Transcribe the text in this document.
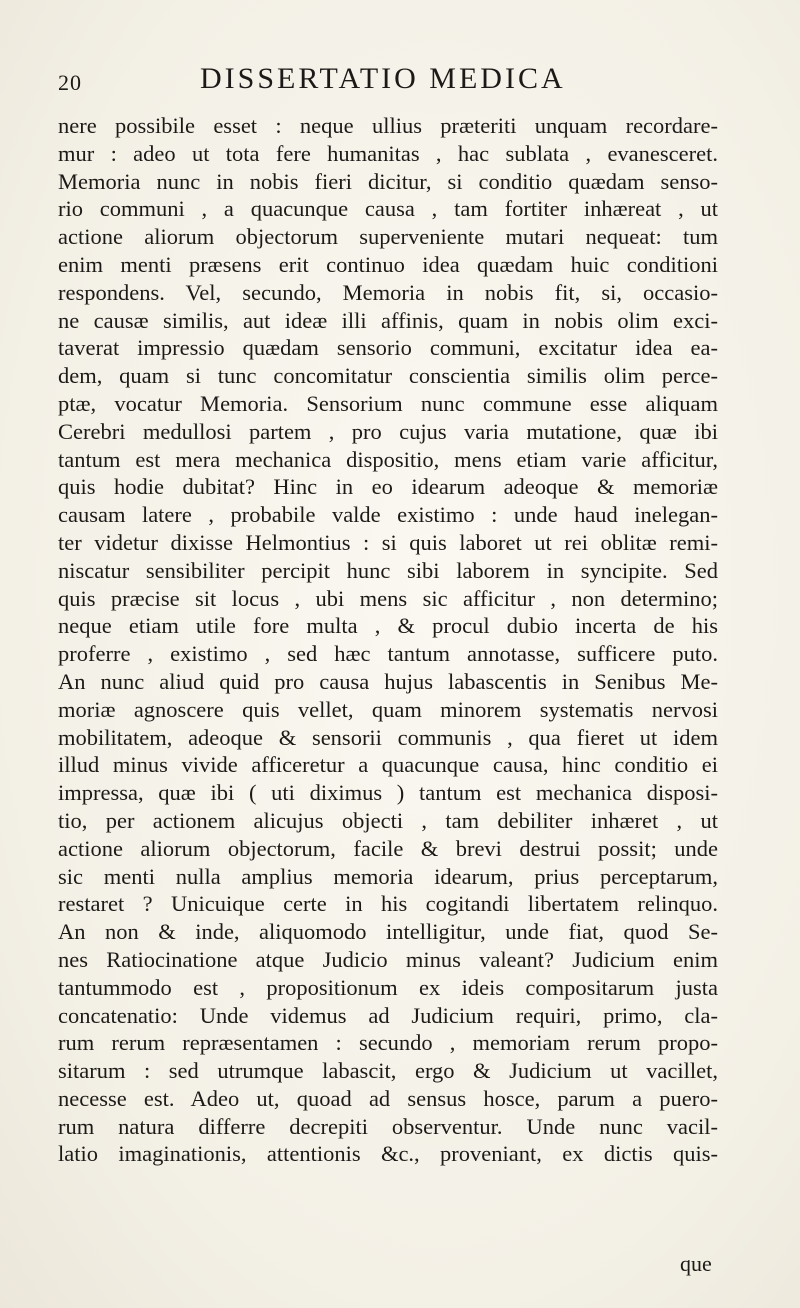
20	DISSERTATIO MEDICA
nere possibile esset : neque ullius præteriti unquam recordare-
mur : adeo ut tota fere humanitas , hac sublata , evanesceret.
Memoria nunc in nobis fieri dicitur, si conditio quædam senso-
rio communi , a quacunque causa , tam fortiter inhæreat , ut
actione aliorum objectorum superveniente mutari nequeat: tum
enim menti præsens erit continuo idea quædam huic conditioni
respondens. Vel, secundo, Memoria in nobis fit, si, occasio-
ne causæ similis, aut ideæ illi affinis, quam in nobis olim exci-
taverat impressio quædam sensorio communi, excitatur idea ea-
dem, quam si tunc concomitatur conscientia similis olim perce-
ptæ, vocatur Memoria. Sensorium nunc commune esse aliquam
Cerebri medullosi partem , pro cujus varia mutatione, quæ ibi
tantum est mera mechanica dispositio, mens etiam varie afficitur,
quis hodie dubitat? Hinc in eo idearum adeoque & memoriæ
causam latere , probabile valde existimo : unde haud inelegan-
ter videtur dixisse Helmontius : si quis laboret ut rei oblitæ remi-
niscatur sensibiliter percipit hunc sibi laborem in syncipite. Sed
quis præcise sit locus , ubi mens sic afficitur , non determino;
neque etiam utile fore multa , & procul dubio incerta de his
proferre , existimo , sed hæc tantum annotasse, sufficere puto.
An nunc aliud quid pro causa hujus labascentis in Senibus Me-
moriæ agnoscere quis vellet, quam minorem systematis nervosi
mobilitatem, adeoque & sensorii communis , qua fieret ut idem
illud minus vivide afficeretur a quacunque causa, hinc conditio ei
impressa, quæ ibi ( uti diximus ) tantum est mechanica disposi-
tio, per actionem alicujus objecti , tam debiliter inhæret , ut
actione aliorum objectorum, facile & brevi destrui possit; unde
sic menti nulla amplius memoria idearum, prius perceptarum,
restaret ? Unicuique certe in his cogitandi libertatem relinquo.
An non & inde, aliquomodo intelligitur, unde fiat, quod Se-
nes Ratiocinatione atque Judicio minus valeant? Judicium enim
tantummodo est , propositionum ex ideis compositarum justa
concatenatio: Unde videmus ad Judicium requiri, primo, cla-
rum rerum repræsentamen : secundo , memoriam rerum propo-
sitarum : sed utrumque labascit, ergo & Judicium ut vacillet,
necesse est. Adeo ut, quoad ad sensus hosce, parum a puero-
rum natura differre decrepiti observentur. Unde nunc vacil-
latio imaginationis, attentionis &c., proveniant, ex dictis quis-
que
